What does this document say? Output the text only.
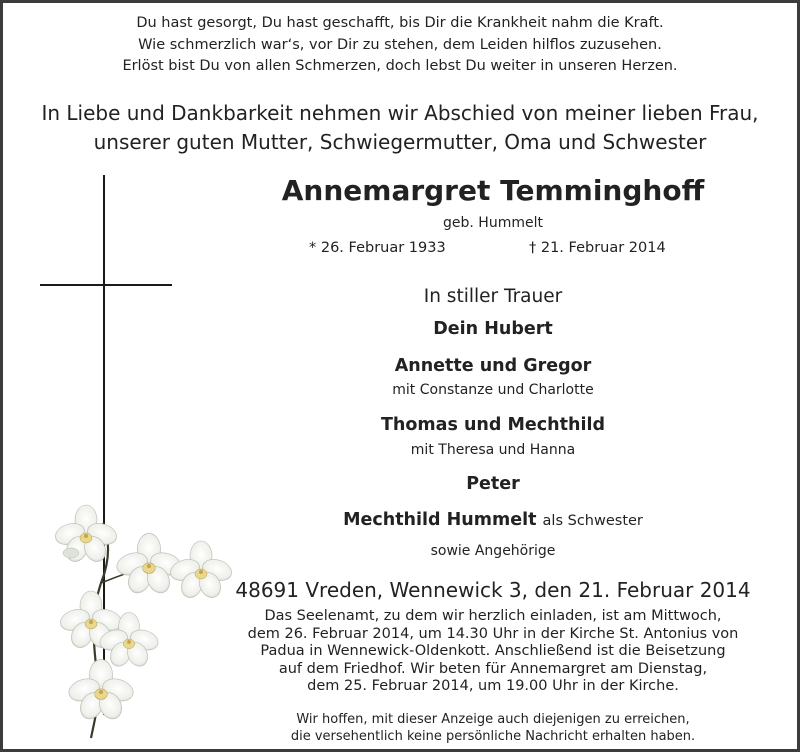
Du hast gesorgt, Du hast geschafft, bis Dir die Krankheit nahm die Kraft.
Wie schmerzlich war‘s, vor Dir zu stehen, dem Leiden hilflos zuzusehen.
Erlöst bist Du von allen Schmerzen, doch lebst Du weiter in unseren Herzen.
In Liebe und Dankbarkeit nehmen wir Abschied von meiner lieben Frau,
unserer guten Mutter, Schwiegermutter, Oma und Schwester
Annemargret Temminghoff
geb. Hummelt
* 26. Februar 1933	† 21. Februar 2014
In stiller Trauer
Dein Hubert
Annette und Gregor
mit Constanze und Charlotte
Thomas und Mechthild
mit Theresa und Hanna
Peter
Mechthild Hummelt als Schwester
sowie Angehörige
48691 Vreden, Wennewick 3, den 21. Februar 2014
Das Seelenamt, zu dem wir herzlich einladen, ist am Mittwoch,
dem 26. Februar 2014, um 14.30 Uhr in der Kirche St. Antonius von
Padua in Wennewick-Oldenkott. Anschließend ist die Beisetzung
auf dem Friedhof. Wir beten für Annemargret am Dienstag,
dem 25. Februar 2014, um 19.00 Uhr in der Kirche.
Wir hoffen, mit dieser Anzeige auch diejenigen zu erreichen,
die versehentlich keine persönliche Nachricht erhalten haben.
